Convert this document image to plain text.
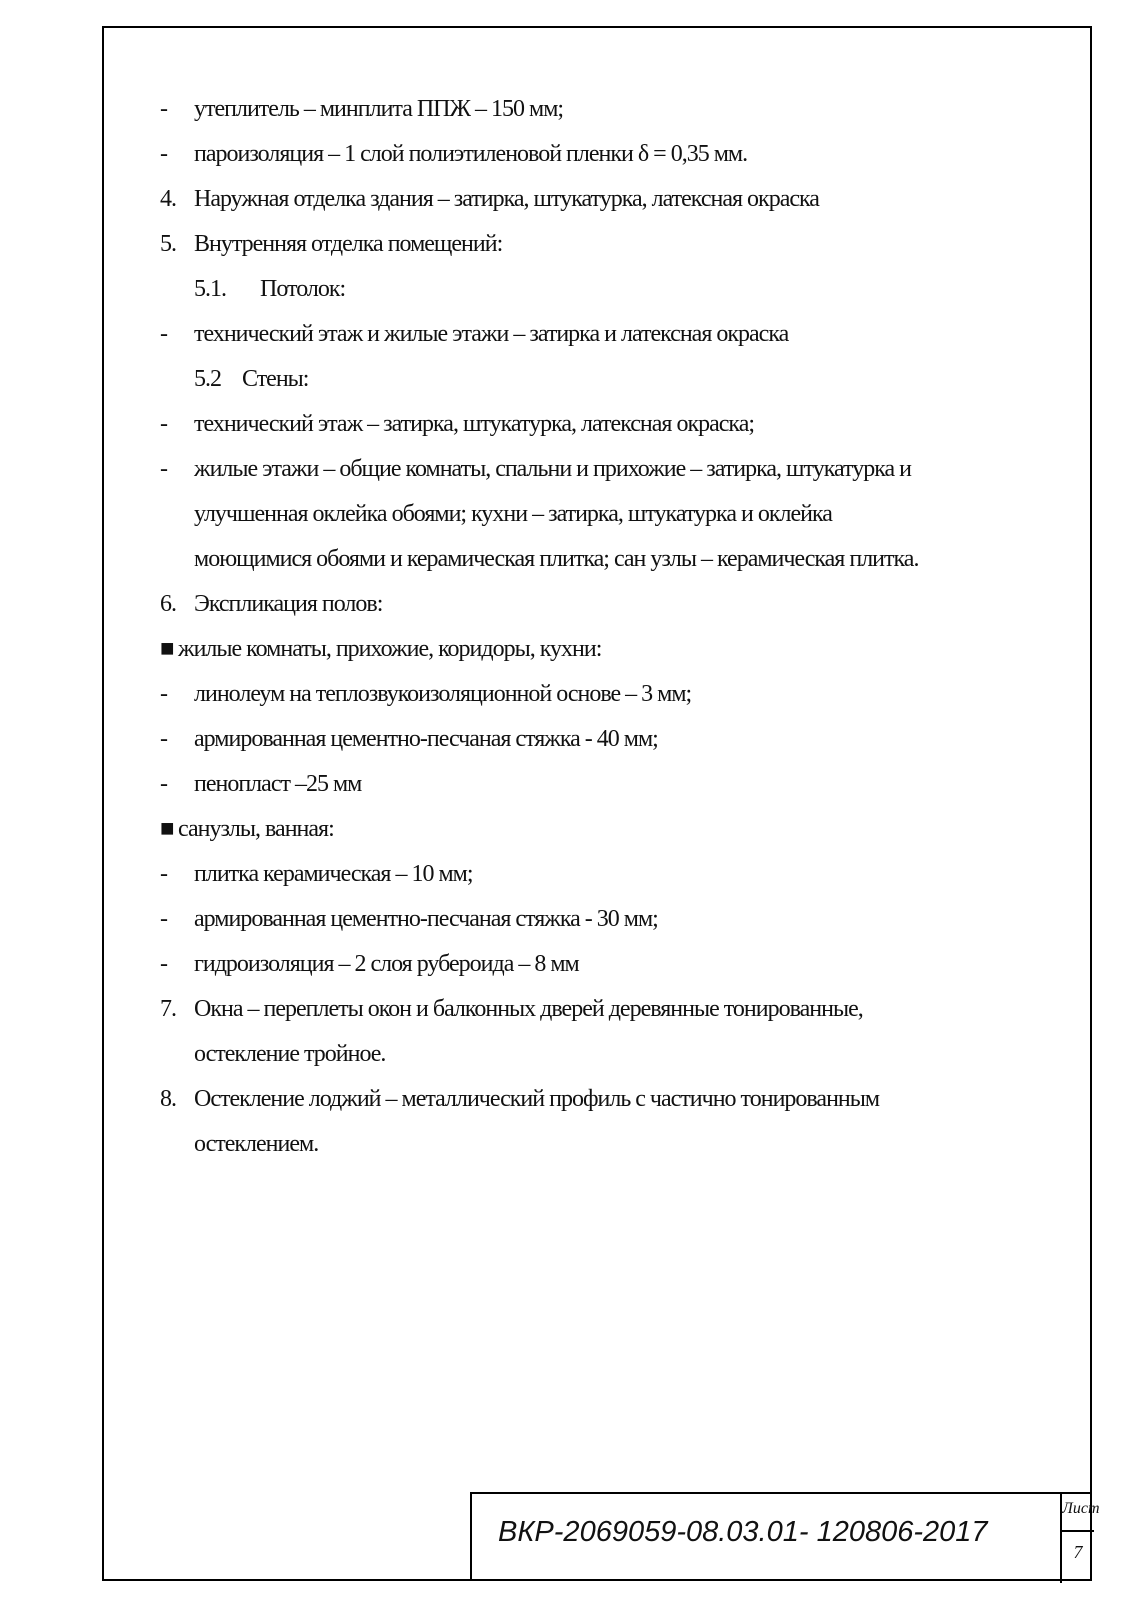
- утеплитель – минплита ППЖ – 150 мм;
- пароизоляция – 1 слой полиэтиленовой пленки δ = 0,35 мм.
4. Наружная отделка здания – затирка, штукатурка, латексная окраска
5. Внутренняя отделка помещений:
5.1. Потолок:
- технический этаж и жилые этажи – затирка и латексная окраска
5.2 Стены:
- технический этаж – затирка, штукатурка, латексная окраска;
- жилые этажи – общие комнаты, спальни и прихожие – затирка, штукатурка и
улучшенная оклейка обоями; кухни – затирка, штукатурка и оклейка
моющимися обоями и керамическая плитка; сан узлы – керамическая плитка.
6. Экспликация полов:
■ жилые комнаты, прихожие, коридоры, кухни:
- линолеум на теплозвукоизоляционной основе – 3 мм;
- армированная цементно-песчаная стяжка - 40 мм;
- пенопласт –25 мм
■ санузлы, ванная:
- плитка керамическая – 10 мм;
- армированная цементно-песчаная стяжка - 30 мм;
- гидроизоляция – 2 слоя рубероида – 8 мм
7. Окна – переплеты окон и балконных дверей деревянные тонированные,
остекление тройное.
8. Остекление лоджий – металлический профиль с частично тонированным
остеклением.
ВКР-2069059-08.03.01- 120806-2017
Лист
7
